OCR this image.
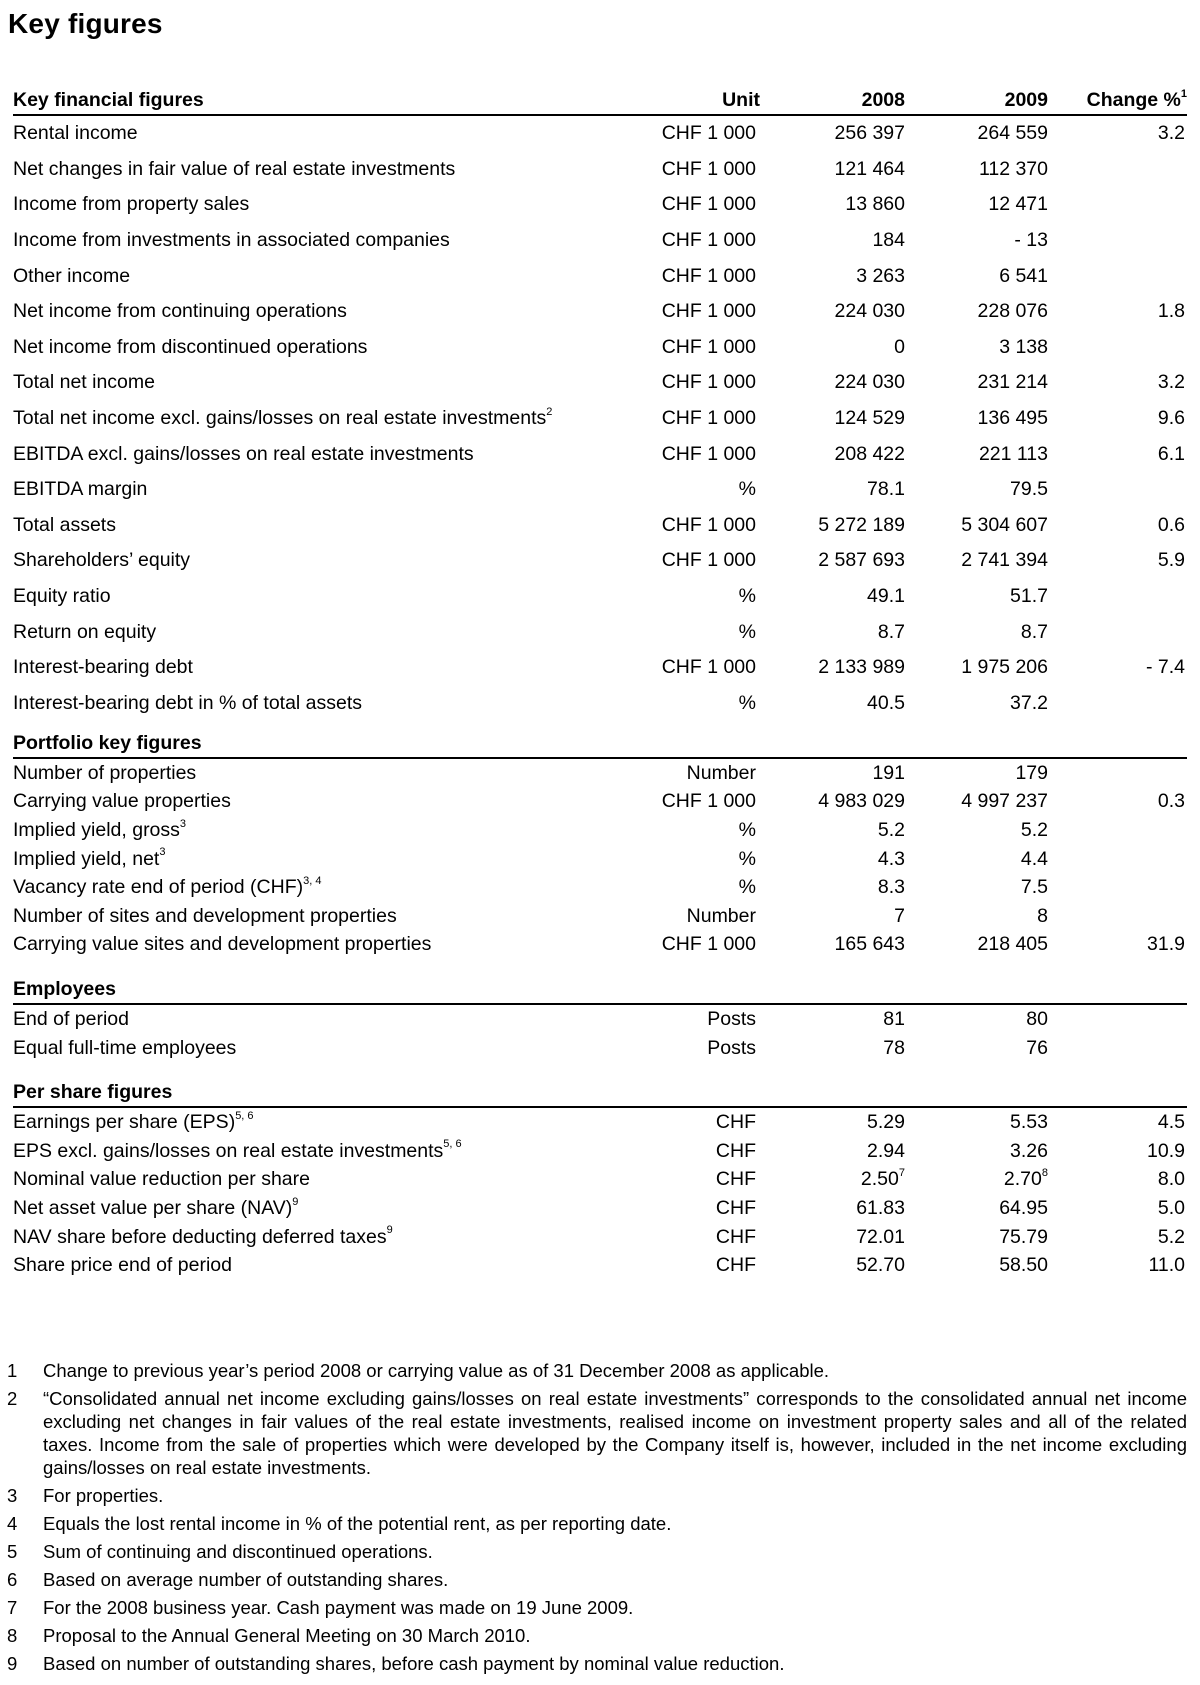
Key figures
Key financial figures	Unit	2008	2009	Change %$^1$
Rental income	CHF 1 000	256 397	264 559	3.2
Net changes in fair value of real estate investments	CHF 1 000	121 464	112 370	
Income from property sales	CHF 1 000	13 860	12 471	
Income from investments in associated companies	CHF 1 000	184	- 13	
Other income	CHF 1 000	3 263	6 541	
Net income from continuing operations	CHF 1 000	224 030	228 076	1.8
Net income from discontinued operations	CHF 1 000	0	3 138	
Total net income	CHF 1 000	224 030	231 214	3.2
Total net income excl. gains/losses on real estate investments$^2$	CHF 1 000	124 529	136 495	9.6
EBITDA excl. gains/losses on real estate investments	CHF 1 000	208 422	221 113	6.1
EBITDA margin	%	78.1	79.5	
Total assets	CHF 1 000	5 272 189	5 304 607	0.6
Shareholders’ equity	CHF 1 000	2 587 693	2 741 394	5.9
Equity ratio	%	49.1	51.7	
Return on equity	%	8.7	8.7	
Interest-bearing debt	CHF 1 000	2 133 989	1 975 206	- 7.4
Interest-bearing debt in % of total assets	%	40.5	37.2	

Portfolio key figures				
Number of properties	Number	191	179	
Carrying value properties	CHF 1 000	4 983 029	4 997 237	0.3
Implied yield, gross$^3$	%	5.2	5.2	
Implied yield, net$^3$	%	4.3	4.4	
Vacancy rate end of period (CHF)$^{3, 4}$	%	8.3	7.5	
Number of sites and development properties	Number	7	8	
Carrying value sites and development properties	CHF 1 000	165 643	218 405	31.9

Employees				
End of period	Posts	81	80	
Equal full-time employees	Posts	78	76	

Per share figures				
Earnings per share (EPS)$^{5, 6}$	CHF	5.29	5.53	4.5
EPS excl. gains/losses on real estate investments$^{5, 6}$	CHF	2.94	3.26	10.9
Nominal value reduction per share	CHF	2.50$^7$	2.70$^8$	8.0
Net asset value per share (NAV)$^9$	CHF	61.83	64.95	5.0
NAV share before deducting deferred taxes$^9$	CHF	72.01	75.79	5.2
Share price end of period	CHF	52.70	58.50	11.0
1	Change to previous year’s period 2008 or carrying value as of 31 December 2008 as applicable.
2	“Consolidated annual net income excluding gains/losses on real estate investments” corresponds to the consolidated annual net income excluding net changes in fair values of the real estate investments, realised income on investment property sales and all of the related taxes. Income from the sale of properties which were developed by the Company itself is, however, included in the net income excluding gains/losses on real estate investments.
3	For properties.
4	Equals the lost rental income in % of the potential rent, as per reporting date.
5	Sum of continuing and discontinued operations.
6	Based on average number of outstanding shares.
7	For the 2008 business year. Cash payment was made on 19 June 2009.
8	Proposal to the Annual General Meeting on 30 March 2010.
9	Based on number of outstanding shares, before cash payment by nominal value reduction.
